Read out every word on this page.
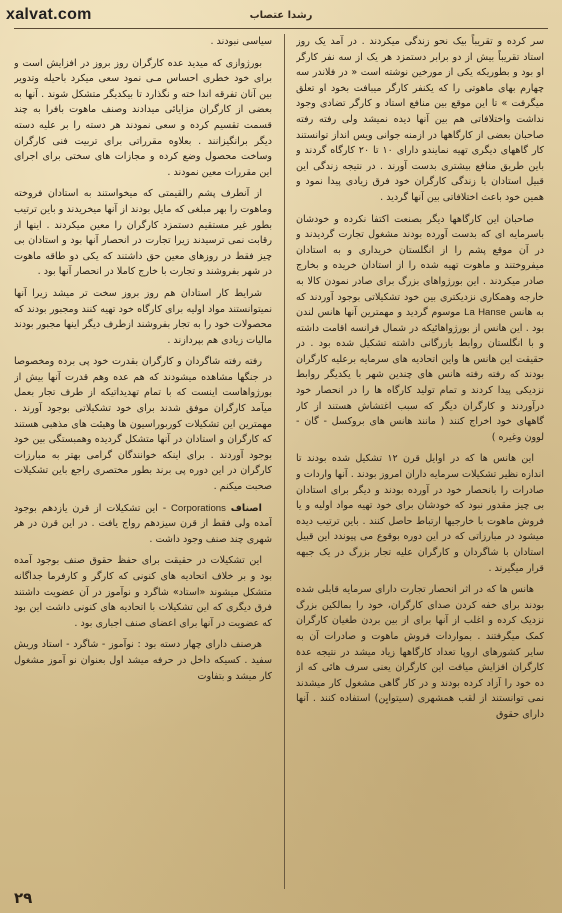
xalvat.com	رشدا عتصاب

سر کرده و تقریباً بیک نحو زندگی میکردند . در آمد یک روز استاد تقریباً بیش از دو برابر دستمزد هر یک از سه نفر کارگر او بود و بطوریکه یکی از مورخین نوشته است « در فلاندر سه چهارم بهای ماهوتی را که یکنفر کارگر میبافت بخود او تعلق میگرفت » تا این موقع بین منافع استاد و کارگر تضادی وجود نداشت واختلافاتی هم بین آنها دیده نمیشد ولی رفته رفته صاحبان بعضی از کارگاهها در ازمنه جوانی ویس انداز توانستند کار گاههای دیگری تهیه نمایندو دارای ۱۰ تا ۲۰ کارگاه گردند و باین طریق منافع بیشتری بدست آورند . در نتیجه زندگی این قبیل استادان با زندگی کارگران خود فرق زیادی پیدا نمود و همین خود باعث اختلافاتی بین آنها گردید .

صاحبان این کارگاهها دیگر بصنعت اکتفا نکرده و خودشان باسرمایه ای که بدست آورده بودند مشغول تجارت گردیدند و در آن موقع پشم را از انگلستان خریداری و به استادان میفروختند و ماهوت تهیه شده را از استادان خریده و بخارج صادر میکردند . این بورژواهای بزرگ برای صادر نمودن کالا به خارجه وهمکاری نزدیکتری بین خود تشکیلاتی بوجود آوردند که به هانس La Hanse موسوم گردید و مهمترین آنها هانس لندن بود . این هانس از بورژواهائیکه در شمال فرانسه اقامت داشته و با انگلستان روابط بازرگانی داشته تشکیل شده بود . در حقیقت این هانس ها واین اتحادیه های سرمایه برعلیه کارگران بودند که رفته رفته هانس های چندین شهر با یکدیگر روابط نزدیکی پیدا کردند و تمام تولید کارگاه ها را در انحصار خود درآوردند و کارگران دیگر که سبب اغتشاش هستند از کار گاههای خود اخراج کنند ( مانند هانس های بروکسل - گان - لوون وغیره )

این هانس ها که در اوایل قرن ۱۲ تشکیل شده بودند تا اندازه نظیر تشکیلات سرمایه داران امروز بودند . آنها واردات و صادرات را بانحصار خود در آورده بودند و دیگر برای استادان بی چیز مقدور نبود که خودشان برای خود تهیه مواد اولیه و یا فروش ماهوت با خارجیها ارتباط حاصل کنند . باین ترتیب دیده میشود در مبارزاتی که در این دوره بوقوع می پیوندد این قبیل استادان با شاگردان و کارگران علیه تجار بزرگ در یک جبهه قرار میگیرند .

هانس ها که در اثر انحصار تجارت دارای سرمایه قابلی شده بودند برای خفه کردن صدای کارگران، خود را بمالکین بزرگ نزدیک کرده و اغلب از آنها برای از بین بردن طغیان کارگران کمک میگرفتند . بمواردات فروش ماهوت و صادرات آن به سایر کشورهای اروپا تعداد کارگاهها زیاد میشد در نتیجه عدة کارگران افزایش میافت این کارگران یعنی سرف هائی که از ده خود را آزاد کرده بودند و در کار گاهی مشغول کار میشدند نمی توانستند از لقب همشهری (سیتوایِن) استفاده کنند . آنها دارای حقوق

سیاسی نبودند .

بورژوازی که میدید عده کارگران روز بروز در افزایش است و برای خود خطری احساس مـی نمود سعی میکرد باحیله وتدویر بین آنان تفرقه اندا خته و نگذارد تا بیکدیگر متشکل شوند . آنها به بعضی از کارگران مزایائی میدادند وصنف ماهوت بافرا به چند قسمت تقسیم کرده و سعی نمودند هر دسته را بر علیه دسته دیگر برانگیزانند . بعلاوه مقرراتی برای تربیت فنی کارگران وساخت محصول وضع کرده و مجازات های سختی برای اجرای این مقررات معین نمودند .

از آنطرف پشم رالقیمتی که میخواستند به استادان فروخته وماهوت را بهر مبلغی که مایل بودند از آنها میخریدند و باین ترتیب بطور غیر مستقیم دستمزد کارگران را معین میکردند . اینها از رقابت نمی ترسیدند زیرا تجارت در انحصار آنها بود و استادان بی چیز فقط در روزهای معین حق داشتند که یکی دو طاقه ماهوت در شهر بفروشند و تجارت با خارج کاملا در انحصار آنها بود .

شرایط کار استادان هم روز بروز سخت تر میشد زیرا آنها نمیتوانستند مواد اولیه برای کارگاه خود تهیه کنند ومجبور بودند که محصولات خود را به تجار بفروشند ازطرف دیگر اینها مجبور بودند مالیات زیادی هم بپردازند .

رفته رفته شاگردان و کارگران بقدرت خود پی برده ومخصوصا در جنگها مشاهده میشودند که هم عده وهم قدرت آنها بیش از بورژواهاست اینست که با تمام تهدیداتیکه از طرف تجار بعمل میآمد کارگران موفق شدند برای خود تشکیلاتی بوجود آورند . مهمترین این تشکیلات کوربوراسیون ها وهیئت های مذهبی هستند که کارگران و استادان در آنها متشکل گردیده وهمبستگی بین خود بوجود آوردند . برای اینکه خوانندگان گرامی بهتر به مبارزات کارگران در این دوره پی برند بطور مختصری راجع باین تشکیلات صحبت میکنم .

اصناف Corporations - این تشکیلات از قرن یازدهم بوجود آمده ولی فقط از قرن سیزدهم رواج یافت . در این قرن در هر شهری چند صنف وجود داشت .

این تشکیلات در حقیقت برای حفظ حقوق صنف بوجود آمده بود و بر خلاف اتحادیه های کنونی که کارگر و کارفرما جداگانه متشکل میشوند «استاد» شاگرد و نوآموز در آن عضویت داشتند فرق دیگری که این تشکیلات با اتحادیه های کنونی داشت این بود که عضویت در آنها برای اعضای صنف اجباری بود .

هرصنف دارای چهار دسته بود : نوآموز - شاگرد - استاد وریش سفید . کسیکه داخل در حرفه میشد اول بعنوان نو آموز مشغول کار میشد و بتفاوت

۲۹
